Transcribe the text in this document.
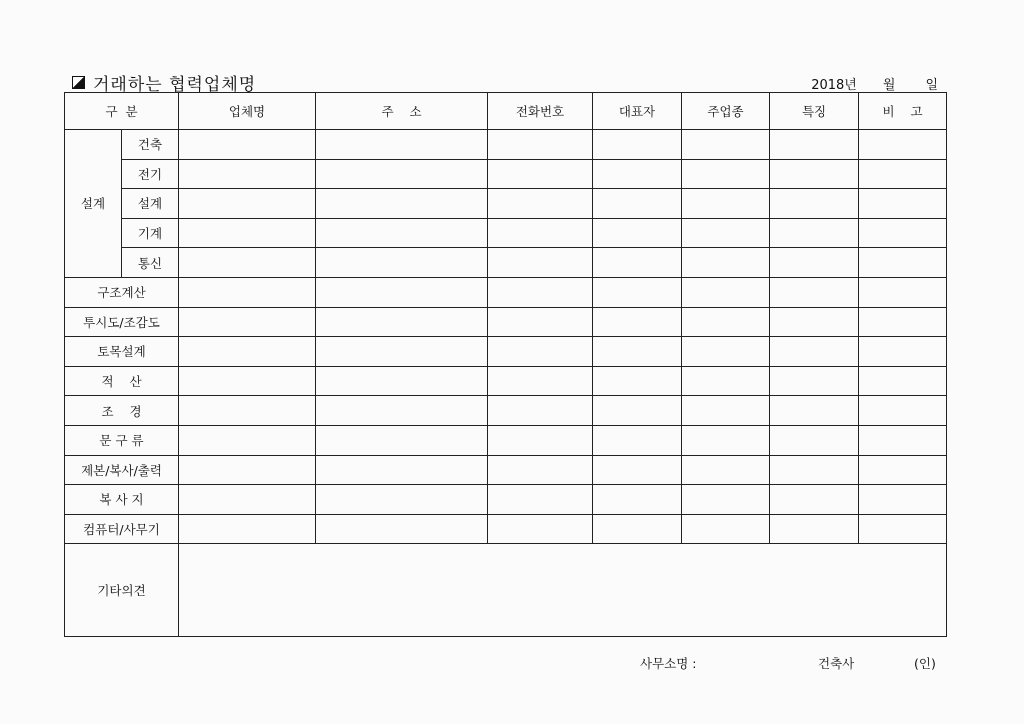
거래하는 협력업체명	2018년 월 일
구  분		업체명	주    소	전화번호	대표자	주업종	특징	비    고
설계	건축							
	전기							
	설계							
	기계							
	통신							
구조계산								
투시도/조감도								
토목설계								
적    산								
조    경								
문 구 류								
제본/복사/출력								
복 사 지								
컴퓨터/사무기								
기타의견								
사무소명 :	건축사	(인)
